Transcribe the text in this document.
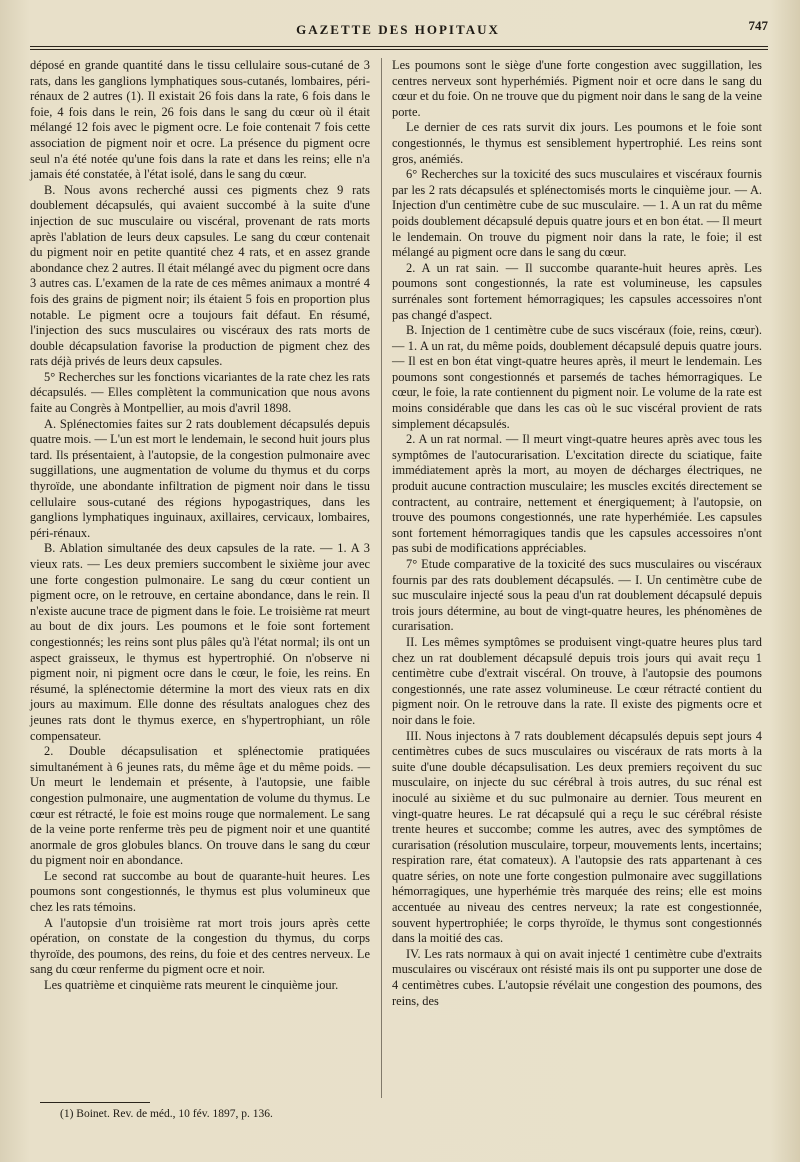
GAZETTE DES HOPITAUX	747

déposé en grande quantité dans le tissu cellulaire sous-cutané de 3 rats, dans les ganglions lymphatiques sous-cutanés, lombaires, péri-rénaux de 2 autres (1). Il existait 26 fois dans la rate, 6 fois dans le foie, 4 fois dans le rein, 26 fois dans le sang du cœur où il était mélangé 12 fois avec le pigment ocre. Le foie contenait 7 fois cette association de pigment noir et ocre. La présence du pigment ocre seul n'a été notée qu'une fois dans la rate et dans les reins; elle n'a jamais été constatée, à l'état isolé, dans le sang du cœur.

B. Nous avons recherché aussi ces pigments chez 9 rats doublement décapsulés, qui avaient succombé à la suite d'une injection de suc musculaire ou viscéral, provenant de rats morts après l'ablation de leurs deux capsules. Le sang du cœur contenait du pigment noir en petite quantité chez 4 rats, et en assez grande abondance chez 2 autres. Il était mélangé avec du pigment ocre dans 3 autres cas. L'examen de la rate de ces mêmes animaux a montré 4 fois des grains de pigment noir; ils étaient 5 fois en proportion plus notable. Le pigment ocre a toujours fait défaut. En résumé, l'injection des sucs musculaires ou viscéraux des rats morts de double décapsulation favorise la production de pigment chez des rats déjà privés de leurs deux capsules.

5° Recherches sur les fonctions vicariantes de la rate chez les rats décapsulés. — Elles complètent la communication que nous avons faite au Congrès à Montpellier, au mois d'avril 1898.

A. Splénectomies faites sur 2 rats doublement décapsulés depuis quatre mois. — L'un est mort le lendemain, le second huit jours plus tard. Ils présentaient, à l'autopsie, de la congestion pulmonaire avec suggillations, une augmentation de volume du thymus et du corps thyroïde, une abondante infiltration de pigment noir dans le tissu cellulaire sous-cutané des régions hypogastriques, dans les ganglions lymphatiques inguinaux, axillaires, cervicaux, lombaires, péri-rénaux.

B. Ablation simultanée des deux capsules de la rate. — 1. A 3 vieux rats. — Les deux premiers succombent le sixième jour avec une forte congestion pulmonaire. Le sang du cœur contient un pigment ocre, on le retrouve, en certaine abondance, dans le rein. Il n'existe aucune trace de pigment dans le foie. Le troisième rat meurt au bout de dix jours. Les poumons et le foie sont fortement congestionnés; les reins sont plus pâles qu'à l'état normal; ils ont un aspect graisseux, le thymus est hypertrophié. On n'observe ni pigment noir, ni pigment ocre dans le cœur, le foie, les reins. En résumé, la splénectomie détermine la mort des vieux rats en dix jours au maximum. Elle donne des résultats analogues chez des jeunes rats dont le thymus exerce, en s'hypertrophiant, un rôle compensateur.

2. Double décapsulisation et splénectomie pratiquées simultanément à 6 jeunes rats, du même âge et du même poids. — Un meurt le lendemain et présente, à l'autopsie, une faible congestion pulmonaire, une augmentation de volume du thymus. Le cœur est rétracté, le foie est moins rouge que normalement. Le sang de la veine porte renferme très peu de pigment noir et une quantité anormale de gros globules blancs. On trouve dans le sang du cœur du pigment noir en abondance.

Le second rat succombe au bout de quarante-huit heures. Les poumons sont congestionnés, le thymus est plus volumineux que chez les rats témoins.

A l'autopsie d'un troisième rat mort trois jours après cette opération, on constate de la congestion du thymus, du corps thyroïde, des poumons, des reins, du foie et des centres nerveux. Le sang du cœur renferme du pigment ocre et noir.

Les quatrième et cinquième rats meurent le cinquième jour.

Les poumons sont le siège d'une forte congestion avec suggillation, les centres nerveux sont hyperhémiés. Pigment noir et ocre dans le sang du cœur et du foie. On ne trouve que du pigment noir dans le sang de la veine porte.

Le dernier de ces rats survit dix jours. Les poumons et le foie sont congestionnés, le thymus est sensiblement hypertrophié. Les reins sont gros, anémiés.

6° Recherches sur la toxicité des sucs musculaires et viscéraux fournis par les 2 rats décapsulés et splénectomisés morts le cinquième jour. — A. Injection d'un centimètre cube de suc musculaire. — 1. A un rat du même poids doublement décapsulé depuis quatre jours et en bon état. — Il meurt le lendemain. On trouve du pigment noir dans la rate, le foie; il est mélangé au pigment ocre dans le sang du cœur.

2. A un rat sain. — Il succombe quarante-huit heures après. Les poumons sont congestionnés, la rate est volumineuse, les capsules surrénales sont fortement hémorragiques; les capsules accessoires n'ont pas changé d'aspect.

B. Injection de 1 centimètre cube de sucs viscéraux (foie, reins, cœur). — 1. A un rat, du même poids, doublement décapsulé depuis quatre jours. — Il est en bon état vingt-quatre heures après, il meurt le lendemain. Les poumons sont congestionnés et parsemés de taches hémorragiques. Le cœur, le foie, la rate contiennent du pigment noir. Le volume de la rate est moins considérable que dans les cas où le suc viscéral provient de rats simplement décapsulés.

2. A un rat normal. — Il meurt vingt-quatre heures après avec tous les symptômes de l'autocurarisation. L'excitation directe du sciatique, faite immédiatement après la mort, au moyen de décharges électriques, ne produit aucune contraction musculaire; les muscles excités directement se contractent, au contraire, nettement et énergiquement; à l'autopsie, on trouve des poumons congestionnés, une rate hyperhémiée. Les capsules sont fortement hémorragiques tandis que les capsules accessoires n'ont pas subi de modifications appréciables.

7° Etude comparative de la toxicité des sucs musculaires ou viscéraux fournis par des rats doublement décapsulés. — I. Un centimètre cube de suc musculaire injecté sous la peau d'un rat doublement décapsulé depuis trois jours détermine, au bout de vingt-quatre heures, les phénomènes de curarisation.

II. Les mêmes symptômes se produisent vingt-quatre heures plus tard chez un rat doublement décapsulé depuis trois jours qui avait reçu 1 centimètre cube d'extrait viscéral. On trouve, à l'autopsie des poumons congestionnés, une rate assez volumineuse. Le cœur rétracté contient du pigment noir. On le retrouve dans la rate. Il existe des pigments ocre et noir dans le foie.

III. Nous injectons à 7 rats doublement décapsulés depuis sept jours 4 centimètres cubes de sucs musculaires ou viscéraux de rats morts à la suite d'une double décapsulisation. Les deux premiers reçoivent du suc musculaire, on injecte du suc cérébral à trois autres, du suc rénal est inoculé au sixième et du suc pulmonaire au dernier. Tous meurent en vingt-quatre heures. Le rat décapsulé qui a reçu le suc cérébral résiste trente heures et succombe; comme les autres, avec des symptômes de curarisation (résolution musculaire, torpeur, mouvements lents, incertains; respiration rare, état comateux). A l'autopsie des rats appartenant à ces quatre séries, on note une forte congestion pulmonaire avec suggillations hémorragiques, une hyperhémie très marquée des reins; elle est moins accentuée au niveau des centres nerveux; la rate est congestionnée, souvent hypertrophiée; le corps thyroïde, le thymus sont congestionnés dans la moitié des cas.

IV. Les rats normaux à qui on avait injecté 1 centimètre cube d'extraits musculaires ou viscéraux ont résisté mais ils ont pu supporter une dose de 4 centimètres cubes. L'autopsie révélait une congestion des poumons, des reins, des

(1) Boinet. Rev. de méd., 10 fév. 1897, p. 136.
